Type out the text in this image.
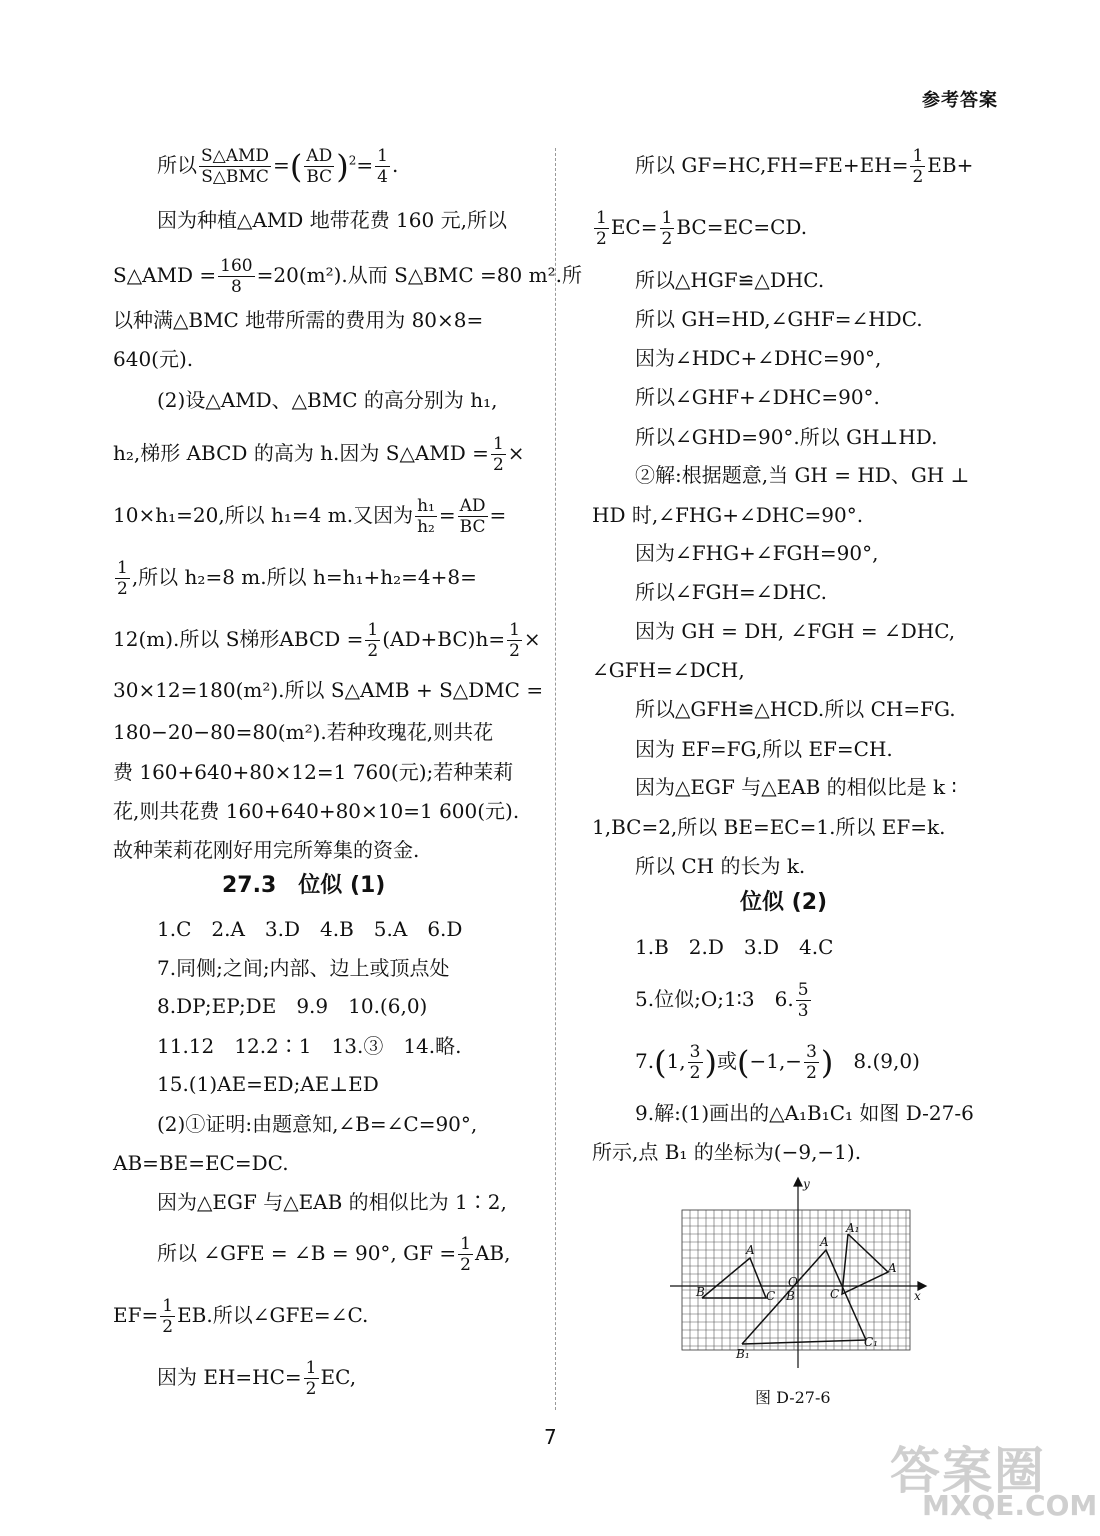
参考答案
所以 $\frac{\text{S△AMD}}{\text{S△BMC}}$ =( $\frac{AD}{BC} )^2= \frac{1}{4}$ .
因为种植△AMD 地带花费 160 元,所以
S△AMD = $\frac{160}{8} =20(m^2)$.从而 S△BMC =80 m².所
以种满△BMC 地带所需的费用为 80×8=
640(元).
(2)设△AMD、△BMC 的高分别为 h₁,
h₂,梯形 ABCD 的高为 h.因为 S△AMD = $\frac{1}{2}$ ×
10×h₁=20,所以 h₁=4 m.又因为 $\frac{\text{h₁}}{\text{h₂}} = \frac{AD}{BC}$ =
$\frac{1}{2}$ ,所以 h₂=8 m.所以 h=h₁+h₂=4+8=
12(m).所以 S梯形ABCD = $\frac{1}{2} (AD+BC)h= \frac{1}{2}$ ×
30×12=180(m²).所以 S△AMB + S△DMC =
180−20−80=80(m²).若种玫瑰花,则共花
费 160+640+80×12=1 760(元);若种茉莉
花,则共花费 160+640+80×10=1 600(元).
故种茉莉花刚好用完所筹集的资金.
27.3　位似 (1)
1.C　2.A　3.D　4.B　5.A　6.D
7.同侧;之间;内部、边上或顶点处
8.DP;EP;DE　9.9　10.(6,0)
11.12　12.2∶1　13.③　14.略.
15.(1)AE=ED;AE⊥ED
(2)①证明:由题意知,∠B=∠C=90°,
AB=BE=EC=DC.
因为△EGF 与△EAB 的相似比为 1∶2,
所以 ∠GFE = ∠B = 90°, GF = $\frac{1}{2}$ AB,
$EF= \frac{1}{2}$ EB.所以∠GFE=∠C.
因为 $EH=HC= \frac{1}{2}$ EC,
所以 $GF=HC,FH=FE+EH= \frac{1}{2} EB+$
$\frac{1}{2} EC= \frac{1}{2} BC=EC=CD$.
所以△HGF≌△DHC.
所以 GH=HD,∠GHF=∠HDC.
因为∠HDC+∠DHC=90°,
所以∠GHF+∠DHC=90°.
所以∠GHD=90°.所以 GH⊥HD.
②解:根据题意,当 GH = HD、GH ⊥
HD 时,∠FHG+∠DHC=90°.
因为∠FHG+∠FGH=90°,
所以∠FGH=∠DHC.
因为 GH = DH, ∠FGH = ∠DHC,
∠GFH=∠DCH,
所以△GFH≌△HCD.所以 CH=FG.
因为 EF=FG,所以 EF=CH.
因为△EGF 与△EAB 的相似比是 k ∶
1,BC=2,所以 BE=EC=1.所以 EF=k.
所以 CH 的长为 k.
位似 (2)
1.B　2.D　3.D　4.C
5.位似;O;1∶3　6. $\frac{5}{3}$
7.(1, $\frac{3}{2}$ )或($-1,- \frac{3}{2}$ )　8.(9,0)
9.解:(1)画出的△A₁B₁C₁ 如图 D-27-6
所示,点 B₁ 的坐标为(−9,−1).
y
x
A
B	C
O
A
B	C
B₁
C₁
A₁
A
图 D-27-6
7
答案圈
MXQE.COM
